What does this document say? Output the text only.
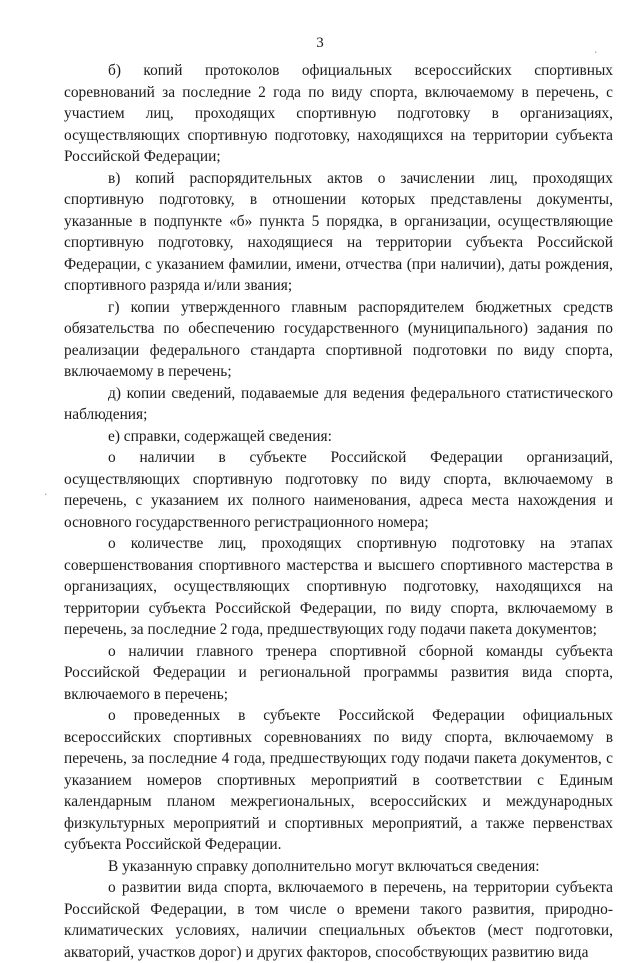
3
·
·

б) копий протоколов официальных всероссийских спортивных соревнований за последние 2 года по виду спорта, включаемому в перечень, с участием лиц, проходящих спортивную подготовку в организациях, осуществляющих спортивную подготовку, находящихся на территории субъекта Российской Федерации;

в) копий распорядительных актов о зачислении лиц, проходящих спортивную подготовку, в отношении которых представлены документы, указанные в подпункте «б» пункта 5 порядка, в организации, осуществляющие спортивную подготовку, находящиеся на территории субъекта Российской Федерации, с указанием фамилии, имени, отчества (при наличии), даты рождения, спортивного разряда и/или звания;

г) копии утвержденного главным распорядителем бюджетных средств обязательства по обеспечению государственного (муниципального) задания по реализации федерального стандарта спортивной подготовки по виду спорта, включаемому в перечень;

д) копии сведений, подаваемые для ведения федерального статистического наблюдения;

е) справки, содержащей сведения:

о наличии в субъекте Российской Федерации организаций, осуществляющих спортивную подготовку по виду спорта, включаемому в перечень, с указанием их полного наименования, адреса места нахождения и основного государственного регистрационного номера;

о количестве лиц, проходящих спортивную подготовку на этапах совершенствования спортивного мастерства и высшего спортивного мастерства в организациях, осуществляющих спортивную подготовку, находящихся на территории субъекта Российской Федерации, по виду спорта, включаемому в перечень, за последние 2 года, предшествующих году подачи пакета документов;

о наличии главного тренера спортивной сборной команды субъекта Российской Федерации и региональной программы развития вида спорта, включаемого в перечень;

о проведенных в субъекте Российской Федерации официальных всероссийских спортивных соревнованиях по виду спорта, включаемому в перечень, за последние 4 года, предшествующих году подачи пакета документов, с указанием номеров спортивных мероприятий в соответствии с Единым календарным планом межрегиональных, всероссийских и международных физкультурных мероприятий и спортивных мероприятий, а также первенствах субъекта Российской Федерации.

В указанную справку дополнительно могут включаться сведения:

о развитии вида спорта, включаемого в перечень, на территории субъекта Российской Федерации, в том числе о времени такого развития, природно-климатических условиях, наличии специальных объектов (мест подготовки, акваторий, участков дорог) и других факторов, способствующих развитию вида
